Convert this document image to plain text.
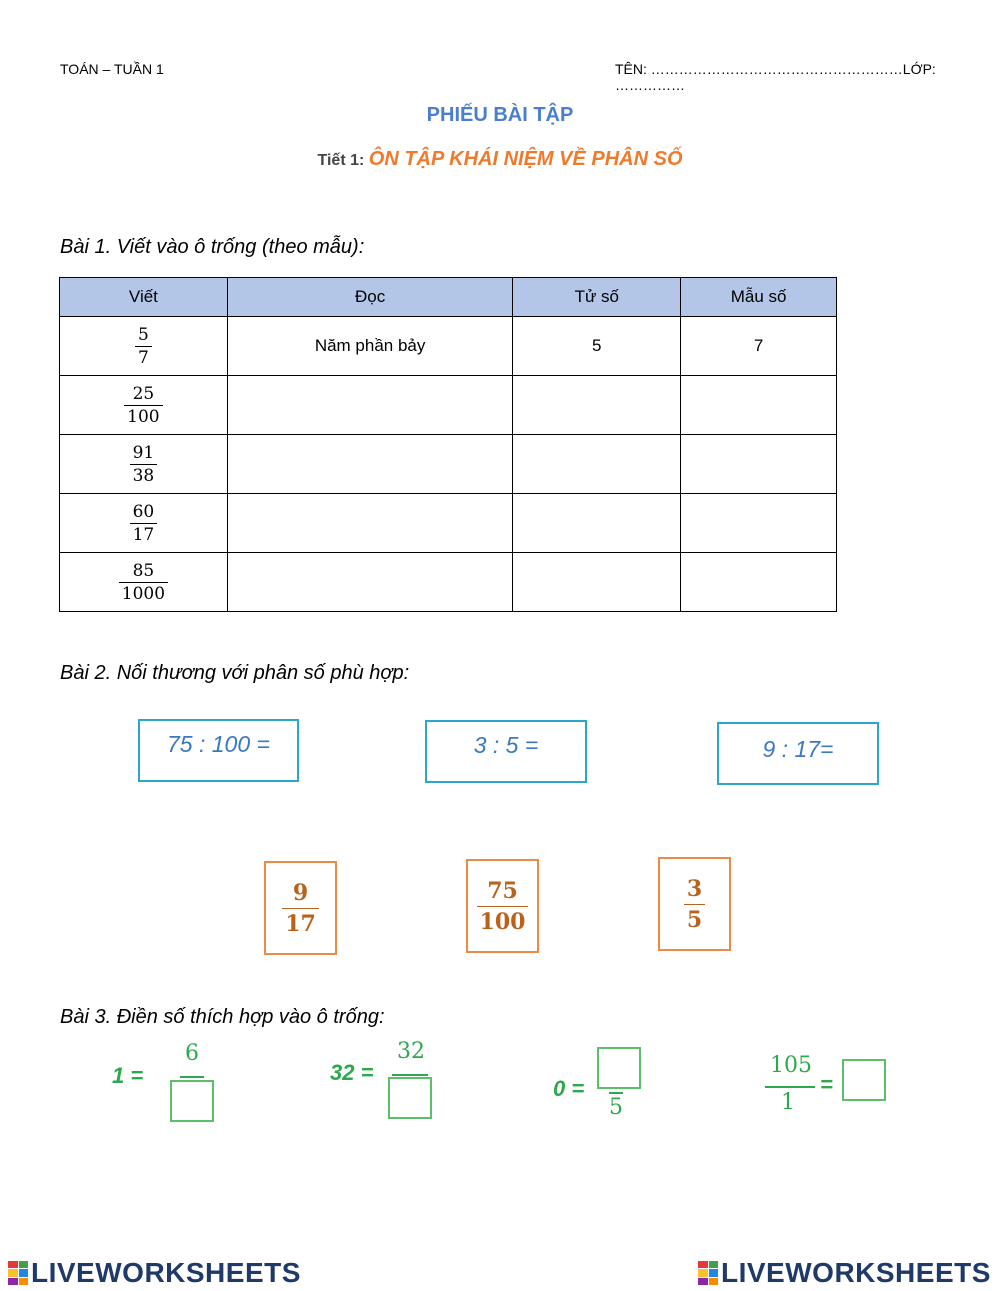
TOÁN – TUẦN 1	TÊN: ………………………………………………LỚP: ……………
PHIẾU BÀI TẬP
Tiết 1: ÔN TẬP KHÁI NIỆM VỀ PHÂN SỐ
Bài 1. Viết vào ô trống (theo mẫu):
Viết	Đọc	Tử số	Mẫu số

$\frac{5}{7}$	Năm phần bảy	5	7

$\frac{25}{100}$

$\frac{91}{38}$

$\frac{60}{17}$

$\frac{85}{1000}$

Bài 2. Nối thương với phân số phù hợp:
75 : 100 =	3 : 5 =	9 : 17=
$\frac{9}{17}$	$\frac{75}{100}$	$\frac{3}{5}$
Bài 3. Điền số thích hợp vào ô trống:
1 =
6
32 =
32
0 =
5
105
1
=
LIVEWORKSHEETS	LIVEWORKSHEETS
